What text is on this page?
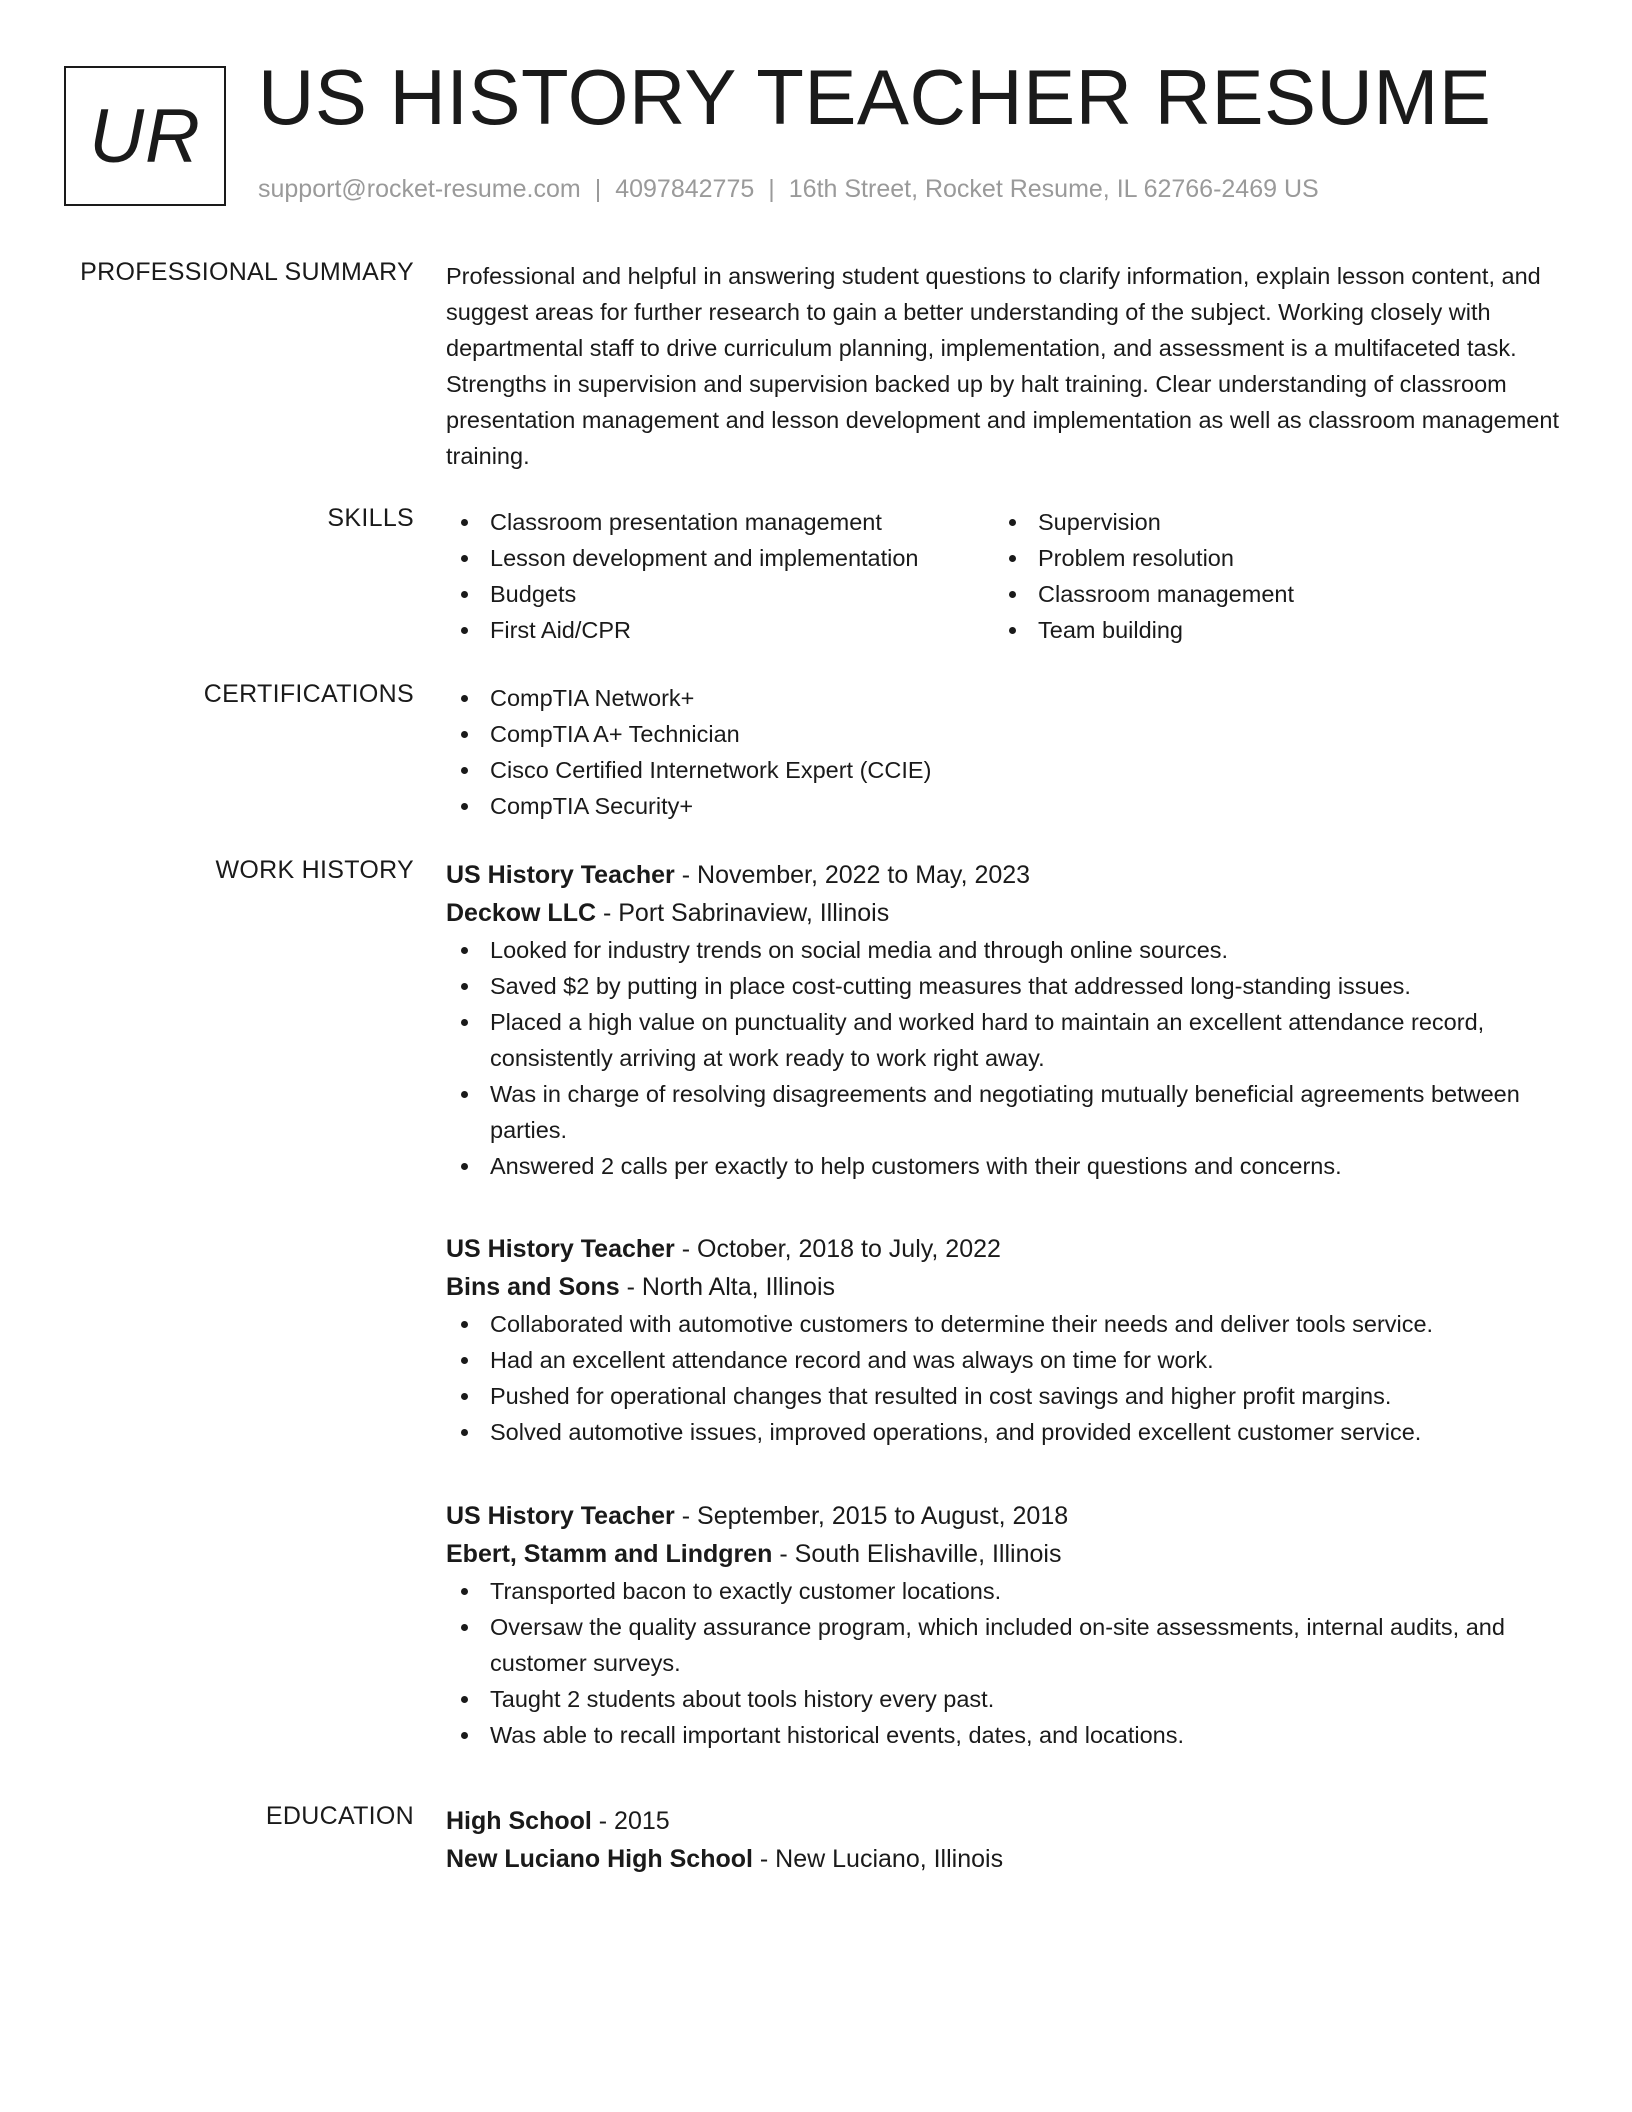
UR US HISTORY TEACHER RESUME
support@rocket-resume.com | 4097842775 | 16th Street, Rocket Resume, IL 62766-2469 US
PROFESSIONAL SUMMARY Professional and helpful in answering student questions to clarify information, explain lesson content, and suggest areas for further research to gain a better understanding of the subject. Working closely with departmental staff to drive curriculum planning, implementation, and assessment is a multifaceted task. Strengths in supervision and supervision backed up by halt training. Clear understanding of classroom presentation management and lesson development and implementation as well as classroom management training.

SKILLS	Classroom presentation management
Lesson development and implementation
Budgets
First Aid/CPR
Supervision
Problem resolution
Classroom management
Team building
CERTIFICATIONS	CompTIA Network+
CompTIA A+ Technician
Cisco Certified Internetwork Expert (CCIE)
CompTIA Security+
WORK HISTORY US History Teacher - November, 2022 to May, 2023
Deckow LLC - Port Sabrinaview, Illinois
Looked for industry trends on social media and through online sources.
Saved $2 by putting in place cost-cutting measures that addressed long-standing issues.
Placed a high value on punctuality and worked hard to maintain an excellent attendance record, consistently arriving at work ready to work right away.
Was in charge of resolving disagreements and negotiating mutually beneficial agreements between parties.
Answered 2 calls per exactly to help customers with their questions and concerns.
US History Teacher - October, 2018 to July, 2022
Bins and Sons - North Alta, Illinois
Collaborated with automotive customers to determine their needs and deliver tools service.
Had an excellent attendance record and was always on time for work.
Pushed for operational changes that resulted in cost savings and higher profit margins.
Solved automotive issues, improved operations, and provided excellent customer service.
US History Teacher - September, 2015 to August, 2018
Ebert, Stamm and Lindgren - South Elishaville, Illinois
Transported bacon to exactly customer locations.
Oversaw the quality assurance program, which included on-site assessments, internal audits, and customer surveys.
Taught 2 students about tools history every past.
Was able to recall important historical events, dates, and locations.
EDUCATION High School - 2015
New Luciano High School - New Luciano, Illinois
